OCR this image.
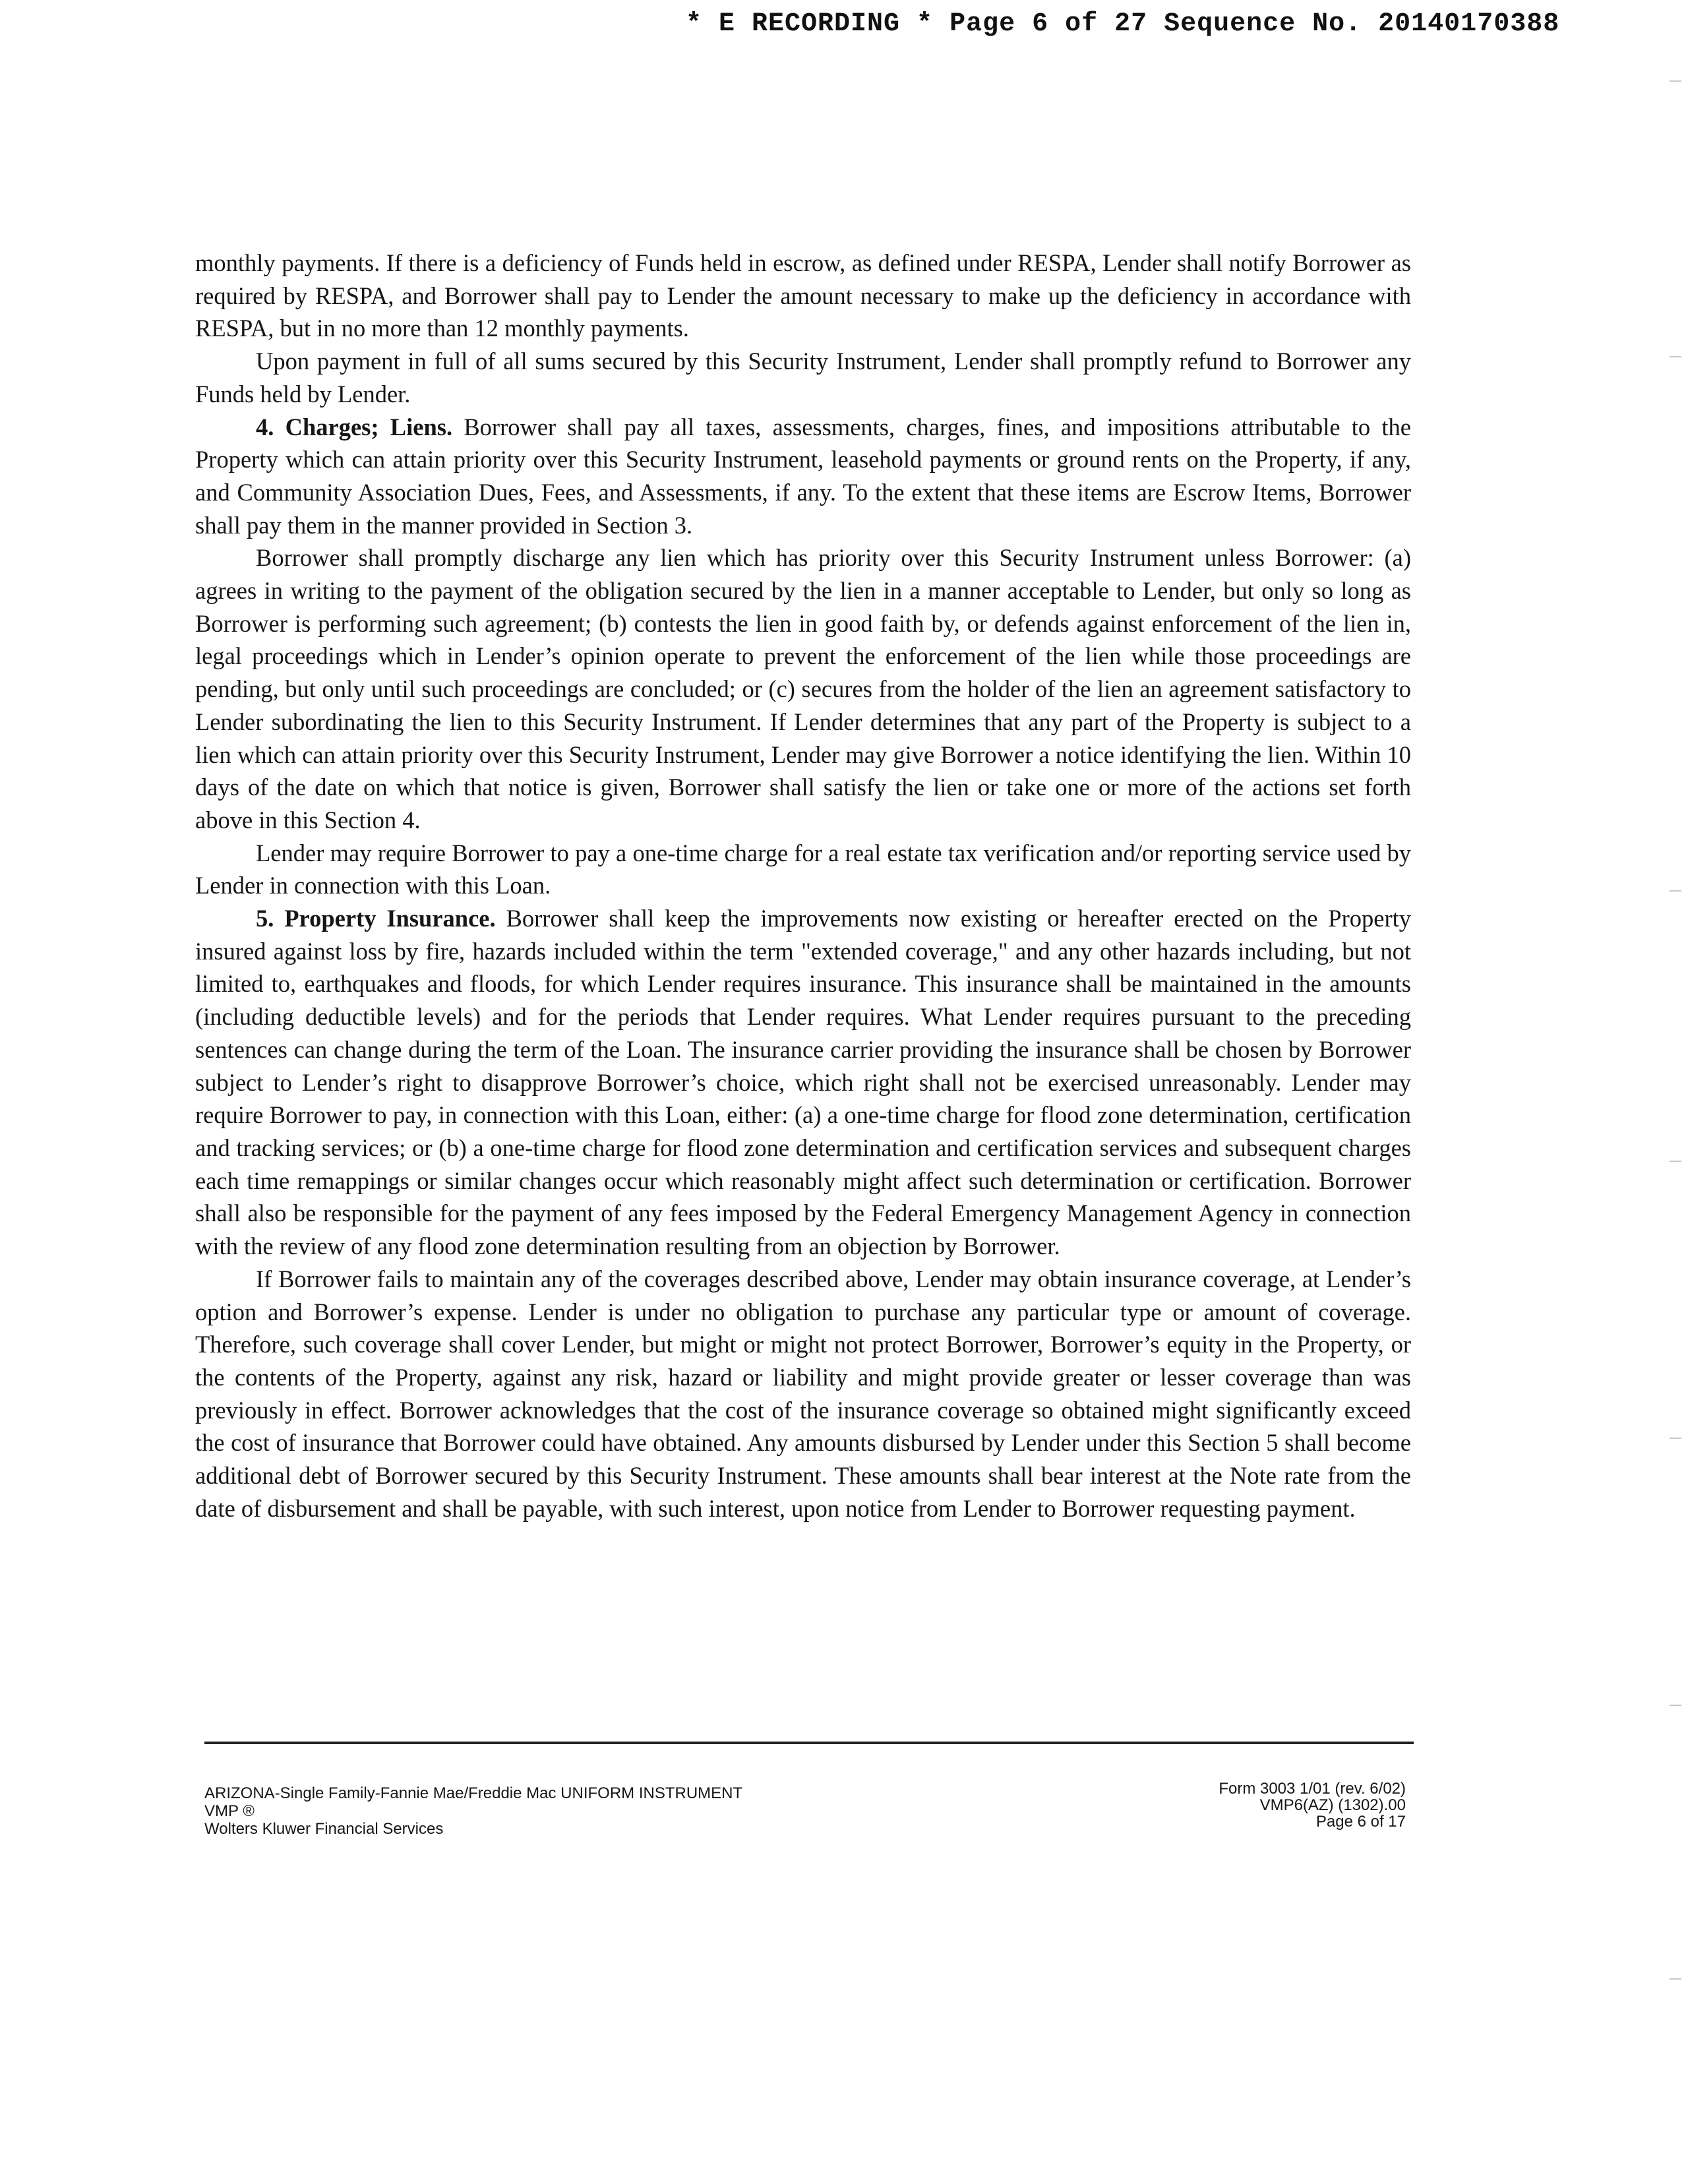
* E RECORDING * Page 6 of 27 Sequence No. 20140170388

monthly payments. If there is a deficiency of Funds held in escrow, as defined under RESPA, Lender shall notify Borrower as required by RESPA, and Borrower shall pay to Lender the amount necessary to make up the deficiency in accordance with RESPA, but in no more than 12 monthly payments.

Upon payment in full of all sums secured by this Security Instrument, Lender shall promptly refund to Borrower any Funds held by Lender.

4. Charges; Liens. Borrower shall pay all taxes, assessments, charges, fines, and impositions attributable to the Property which can attain priority over this Security Instrument, leasehold payments or ground rents on the Property, if any, and Community Association Dues, Fees, and Assessments, if any. To the extent that these items are Escrow Items, Borrower shall pay them in the manner provided in Section 3.

Borrower shall promptly discharge any lien which has priority over this Security Instrument unless Borrower: (a) agrees in writing to the payment of the obligation secured by the lien in a manner acceptable to Lender, but only so long as Borrower is performing such agreement; (b) contests the lien in good faith by, or defends against enforcement of the lien in, legal proceedings which in Lender’s opinion operate to prevent the enforcement of the lien while those proceedings are pending, but only until such proceedings are concluded; or (c) secures from the holder of the lien an agreement satisfactory to Lender subordinating the lien to this Security Instrument. If Lender determines that any part of the Property is subject to a lien which can attain priority over this Security Instrument, Lender may give Borrower a notice identifying the lien. Within 10 days of the date on which that notice is given, Borrower shall satisfy the lien or take one or more of the actions set forth above in this Section 4.

Lender may require Borrower to pay a one-time charge for a real estate tax verification and/or reporting service used by Lender in connection with this Loan.

5. Property Insurance. Borrower shall keep the improvements now existing or hereafter erected on the Property insured against loss by fire, hazards included within the term "extended coverage," and any other hazards including, but not limited to, earthquakes and floods, for which Lender requires insurance. This insurance shall be maintained in the amounts (including deductible levels) and for the periods that Lender requires. What Lender requires pursuant to the preceding sentences can change during the term of the Loan. The insurance carrier providing the insurance shall be chosen by Borrower subject to Lender’s right to disapprove Borrower’s choice, which right shall not be exercised unreasonably. Lender may require Borrower to pay, in connection with this Loan, either: (a) a one-time charge for flood zone determination, certification and tracking services; or (b) a one-time charge for flood zone determination and certification services and subsequent charges each time remappings or similar changes occur which reasonably might affect such determination or certification. Borrower shall also be responsible for the payment of any fees imposed by the Federal Emergency Management Agency in connection with the review of any flood zone determination resulting from an objection by Borrower.

If Borrower fails to maintain any of the coverages described above, Lender may obtain insurance coverage, at Lender’s option and Borrower’s expense. Lender is under no obligation to purchase any particular type or amount of coverage. Therefore, such coverage shall cover Lender, but might or might not protect Borrower, Borrower’s equity in the Property, or the contents of the Property, against any risk, hazard or liability and might provide greater or lesser coverage than was previously in effect. Borrower acknowledges that the cost of the insurance coverage so obtained might significantly exceed the cost of insurance that Borrower could have obtained. Any amounts disbursed by Lender under this Section 5 shall become additional debt of Borrower secured by this Security Instrument. These amounts shall bear interest at the Note rate from the date of disbursement and shall be payable, with such interest, upon notice from Lender to Borrower requesting payment.

ARIZONA-Single Family-Fannie Mae/Freddie Mac UNIFORM INSTRUMENT
VMP ®
Wolters Kluwer Financial Services
Form 3003 1/01 (rev. 6/02)
VMP6(AZ) (1302).00
Page 6 of 17
